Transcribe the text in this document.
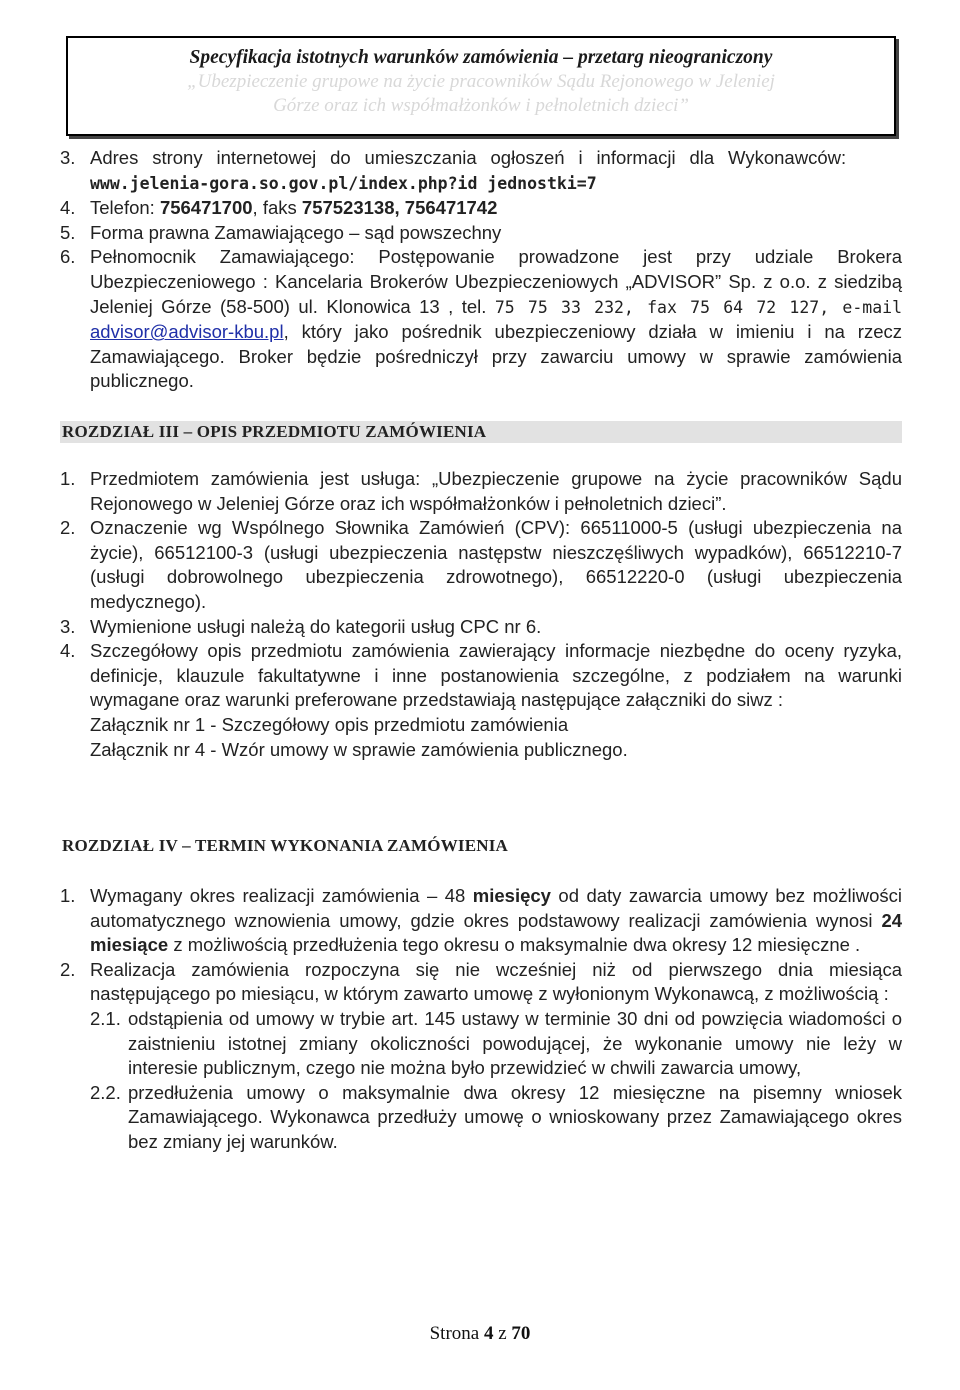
Specyfikacja istotnych warunków zamówienia – przetarg nieograniczony
„Ubezpieczenie grupowe na życie pracowników Sądu Rejonowego w Jeleniej
Górze oraz ich współmałżonków i pełnoletnich dzieci”
3. Adres strony internetowej do umieszczania ogłoszeń i informacji dla Wykonawców: www.jelenia-gora.so.gov.pl/index.php?id jednostki=7
4. Telefon: 756471700, faks 757523138, 756471742
5. Forma prawna Zamawiającego – sąd powszechny
6. Pełnomocnik Zamawiającego: Postępowanie prowadzone jest przy udziale Brokera Ubezpieczeniowego : Kancelaria Brokerów Ubezpieczeniowych „ADVISOR” Sp. z o.o. z siedzibą Jeleniej Górze (58-500) ul. Klonowica 13 , tel. 75 75 33 232, fax 75 64 72 127, e-mail advisor@advisor-kbu.pl, który jako pośrednik ubezpieczeniowy działa w imieniu i na rzecz Zamawiającego. Broker będzie pośredniczył przy zawarciu umowy w sprawie zamówienia publicznego.
ROZDZIAŁ III – OPIS PRZEDMIOTU ZAMÓWIENIA
1. Przedmiotem zamówienia jest usługa: „Ubezpieczenie grupowe na życie pracowników Sądu Rejonowego w Jeleniej Górze oraz ich współmałżonków i pełnoletnich dzieci”.
2. Oznaczenie wg Wspólnego Słownika Zamówień (CPV): 66511000-5 (usługi ubezpieczenia na życie), 66512100-3 (usługi ubezpieczenia następstw nieszczęśliwych wypadków), 66512210-7 (usługi dobrowolnego ubezpieczenia zdrowotnego), 66512220-0 (usługi ubezpieczenia medycznego).
3. Wymienione usługi należą do kategorii usług CPC nr 6.
4. Szczegółowy opis przedmiotu zamówienia zawierający informacje niezbędne do oceny ryzyka, definicje, klauzule fakultatywne i inne postanowienia szczególne, z podziałem na warunki wymagane oraz warunki preferowane przedstawiają następujące załączniki do siwz :
Załącznik nr 1 - Szczegółowy opis przedmiotu zamówienia
Załącznik nr 4 - Wzór umowy w sprawie zamówienia publicznego.
ROZDZIAŁ IV – TERMIN WYKONANIA ZAMÓWIENIA
1. Wymagany okres realizacji zamówienia – 48 miesięcy od daty zawarcia umowy bez możliwości automatycznego wznowienia umowy, gdzie okres podstawowy realizacji zamówienia wynosi 24 miesiące z możliwością przedłużenia tego okresu o maksymalnie dwa okresy 12 miesięczne .
2. Realizacja zamówienia rozpoczyna się nie wcześniej niż od pierwszego dnia miesiąca następującego po miesiącu, w którym zawarto umowę z wyłonionym Wykonawcą, z możliwością :
2.1. odstąpienia od umowy w trybie art. 145 ustawy w terminie 30 dni od powzięcia wiadomości o zaistnieniu istotnej zmiany okoliczności powodującej, że wykonanie umowy nie leży w interesie publicznym, czego nie można było przewidzieć w chwili zawarcia umowy,
2.2. przedłużenia umowy o maksymalnie dwa okresy 12 miesięczne na pisemny wniosek Zamawiającego. Wykonawca przedłuży umowę o wnioskowany przez Zamawiającego okres bez zmiany jej warunków.
Strona 4 z 70
